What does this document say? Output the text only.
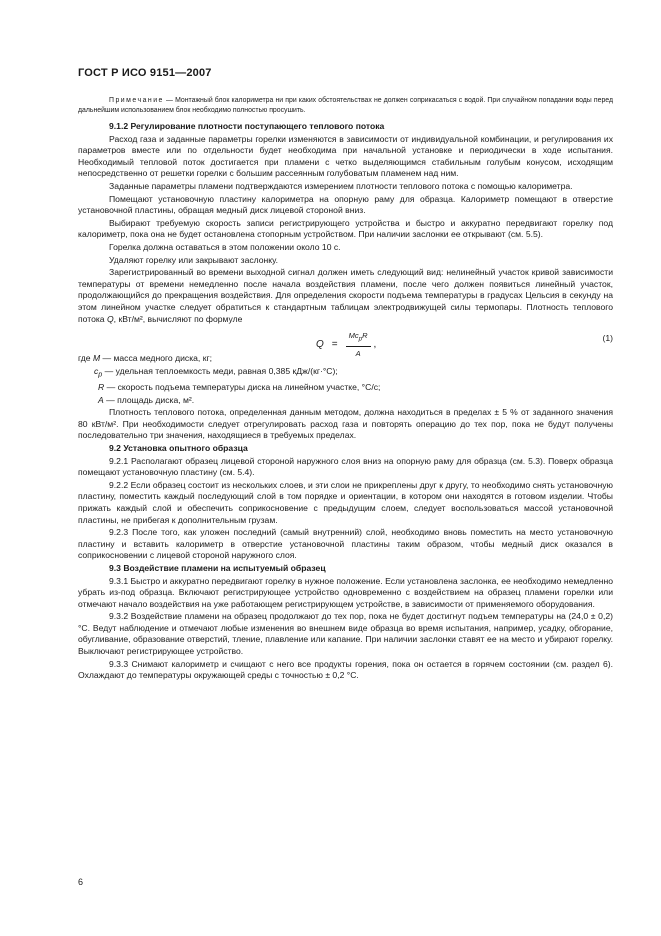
ГОСТ Р ИСО 9151—2007

Примечание — Монтажный блок калориметра ни при каких обстоятельствах не должен соприкасаться с водой. При случайном попадании воды перед дальнейшим использованием блок необходимо полностью просушить.

9.1.2 Регулирование плотности поступающего теплового потока

Расход газа и заданные параметры горелки изменяются в зависимости от индивидуальной комбинации, и регулирования их параметров вместе или по отдельности будет необходима при начальной установке и периодически в ходе испытания. Необходимый тепловой поток достигается при пламени с четко выделяющимся стабильным голубым конусом, исходящим непосредственно от решетки горелки с большим рассеянным голубоватым пламенем над ним.

Заданные параметры пламени подтверждаются измерением плотности теплового потока с помощью калориметра.

Помещают установочную пластину калориметра на опорную раму для образца. Калориметр помещают в отверстие установочной пластины, обращая медный диск лицевой стороной вниз.

Выбирают требуемую скорость записи регистрирующего устройства и быстро и аккуратно передвигают горелку под калориметр, пока она не будет остановлена стопорным устройством. При наличии заслонки ее открывают (см. 5.5).

Горелка должна оставаться в этом положении около 10 с.

Удаляют горелку или закрывают заслонку.

Зарегистрированный во времени выходной сигнал должен иметь следующий вид: нелинейный участок кривой зависимости температуры от времени немедленно после начала воздействия пламени, после чего должен появиться линейный участок, продолжающийся до прекращения воздействия. Для определения скорости подъема температуры в градусах Цельсия в секунду на этом линейном участке следует обратиться к стандартным таблицам электродвижущей силы термопары. Плотность теплового потока Q, кВт/м², вычисляют по формуле

$Q = \frac{Mc_pR}{A}$ ,
(1)

где M — масса медного диска, кг;

$c_p$ — удельная теплоемкость меди, равная 0,385 кДж/(кг·°C);

R — скорость подъема температуры диска на линейном участке, °C/c;

A — площадь диска, м².

Плотность теплового потока, определенная данным методом, должна находиться в пределах ± 5 % от заданного значения 80 кВт/м². При необходимости следует отрегулировать расход газа и повторять операцию до тех пор, пока не будут получены последовательно три значения, находящиеся в требуемых пределах.

9.2 Установка опытного образца

9.2.1 Располагают образец лицевой стороной наружного слоя вниз на опорную раму для образца (см. 5.3). Поверх образца помещают установочную пластину (см. 5.4).

9.2.2 Если образец состоит из нескольких слоев, и эти слои не прикреплены друг к другу, то необходимо снять установочную пластину, поместить каждый последующий слой в том порядке и ориентации, в котором они находятся в готовом изделии. Чтобы прижать каждый слой и обеспечить соприкосновение с предыдущим слоем, следует воспользоваться массой установочной пластины, не прибегая к дополнительным грузам.

9.2.3 После того, как уложен последний (самый внутренний) слой, необходимо вновь поместить на место установочную пластину и вставить калориметр в отверстие установочной пластины таким образом, чтобы медный диск оказался в соприкосновении с лицевой стороной наружного слоя.

9.3 Воздействие пламени на испытуемый образец

9.3.1 Быстро и аккуратно передвигают горелку в нужное положение. Если установлена заслонка, ее необходимо немедленно убрать из-под образца. Включают регистрирующее устройство одновременно с воздействием на образец пламени горелки или отмечают начало воздействия на уже работающем регистрирующем устройстве, в зависимости от применяемого оборудования.

9.3.2 Воздействие пламени на образец продолжают до тех пор, пока не будет достигнут подъем температуры на (24,0 ± 0,2) °C. Ведут наблюдение и отмечают любые изменения во внешнем виде образца во время испытания, например, усадку, обгорание, обугливание, образование отверстий, тление, плавление или капание. При наличии заслонки ставят ее на место и убирают горелку. Выключают регистрирующее устройство.

9.3.3 Снимают калориметр и счищают с него все продукты горения, пока он остается в горячем состоянии (см. раздел 6). Охлаждают до температуры окружающей среды с точностью ± 0,2 °C.

6
